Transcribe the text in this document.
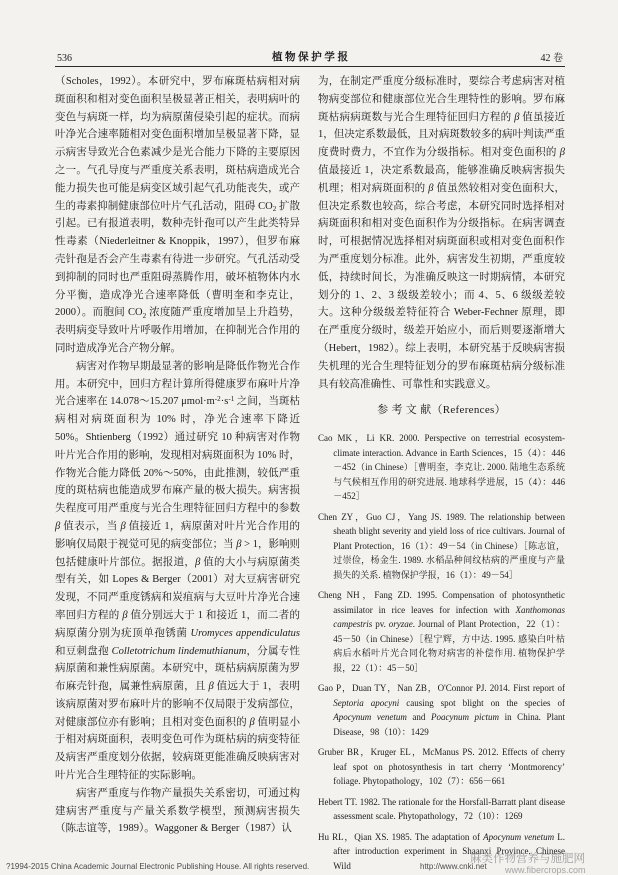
536	植 物 保 护 学 报	42 卷

（Scholes，1992）。本研究中，罗布麻斑枯病相对病斑面积和相对变色面积呈极显著正相关，表明病叶的变色与病斑一样，均为病原菌侵染引起的症状。而病叶净光合速率随相对变色面积增加呈极显著下降，显示病害导致光合色素减少是光合能力下降的主要原因之一。气孔导度与严重度关系表明，斑枯病造成光合能力损失也可能是病变区域引起气孔功能丧失，或产生的毒素抑制健康部位叶片气孔活动，阻碍 $CO_2$ 扩散引起。已有报道表明，数种壳针孢可以产生此类特异性毒素（Niederleitner & Knoppik，1997），但罗布麻壳针孢是否会产生毒素有待进一步研究。气孔活动受到抑制的同时也严重阻碍蒸腾作用，破坏植物体内水分平衡，造成净光合速率降低（曹明奎和李克让，2000）。而胞间 $CO_2$ 浓度随严重度增加呈上升趋势，表明病变导致叶片呼吸作用增加，在抑制光合作用的同时造成净光合产物分解。

病害对作物早期最显著的影响是降低作物光合作用。本研究中，回归方程计算所得健康罗布麻叶片净光合速率在 14.078～15.207 $\mu mol\cdot m^{-2}\cdot s^{-1}$ 之间，当斑枯病相对病斑面积为 10% 时，净光合速率下降近 50%。Shtienberg（1992）通过研究 10 种病害对作物叶片光合作用的影响，发现相对病斑面积为 10% 时，作物光合能力降低 20%～50%，由此推测，较低严重度的斑枯病也能造成罗布麻产量的极大损失。病害损失程度可用严重度与光合生理特征回归方程中的参数 β 值表示，当 β 值接近 1，病原菌对叶片光合作用的影响仅局限于视觉可见的病变部位；当 β > 1，影响则包括健康叶片部位。据报道，β 值的大小与病原菌类型有关，如 Lopes & Berger（2001）对大豆病害研究发现，不同严重度锈病和炭疽病与大豆叶片净光合速率回归方程的 β 值分别远大于 1 和接近 1，而二者的病原菌分别为疣顶单孢锈菌 Uromyces appendiculatus 和豆刺盘孢 Colletotrichum lindemuthianum，分属专性病原菌和兼性病原菌。本研究中，斑枯病病原菌为罗布麻壳针孢，属兼性病原菌，且 β 值远大于 1，表明该病原菌对罗布麻叶片的影响不仅局限于发病部位，对健康部位亦有影响；且相对变色面积的 β 值明显小于相对病斑面积，表明变色可作为斑枯病的病变特征及病害严重度划分依据，较病斑更能准确反映病害对叶片光合生理特征的实际影响。

病害严重度与作物产量损失关系密切，可通过构建病害严重度与产量关系数学模型，预测病害损失（陈志谊等，1989）。Waggoner & Berger（1987）认

为，在制定严重度分级标准时，要综合考虑病害对植物病变部位和健康部位光合生理特性的影响。罗布麻斑枯病病斑数与光合生理特征回归方程的 β 值虽接近 1，但决定系数最低，且对病斑数较多的病叶判读严重度费时费力，不宜作为分级指标。相对变色面积的 β 值最接近 1，决定系数最高，能够准确反映病害损失机理；相对病斑面积的 β 值虽然较相对变色面积大，但决定系数也较高，综合考虑，本研究同时选择相对病斑面积和相对变色面积作为分级指标。在病害调查时，可根据情况选择相对病斑面积或相对变色面积作为严重度划分标准。此外，病害发生初期，严重度较低，持续时间长，为准确反映这一时期病情，本研究划分的 1、2、3 级级差较小；而 4、5、6 级级差较大。这种分级级差特征符合 Weber-Fechner 原理，即在严重度分级时，级差开始应小，而后则要逐渐增大（Hebert，1982）。综上表明，本研究基于反映病害损失机理的光合生理特征划分的罗布麻斑枯病分级标准具有较高准确性、可靠性和实践意义。

参 考 文 献（References）

Cao MK，Li KR. 2000. Perspective on terrestrial ecosystem-climate interaction. Advance in Earth Sciences，15（4）：446－452（in Chinese）［曹明奎，李克让. 2000. 陆地生态系统与气候相互作用的研究进展. 地球科学进展，15（4）：446－452］

Chen ZY，Guo CJ，Yang JS. 1989. The relationship between sheath blight severity and yield loss of rice cultivars. Journal of Plant Protection，16（1）：49－54（in Chinese）［陈志谊，过崇俭，杨金生. 1989. 水稻品种间纹枯病的严重度与产量损失的关系. 植物保护学报，16（1）：49－54］

Cheng NH，Fang ZD. 1995. Compensation of photosynthetic assimilator in rice leaves for infection with Xanthomonas campestris pv. oryzae. Journal of Plant Protection，22（1）：45－50（in Chinese）［程宁辉，方中达. 1995. 感染白叶枯病后水稻叶片光合同化物对病害的补偿作用. 植物保护学报，22（1）：45－50］

Gao P，Duan TY，Nan ZB，O'Connor PJ. 2014. First report of Septoria apocyni causing spot blight on the species of Apocynum venetum and Poacynum pictum in China. Plant Disease，98（10）：1429

Gruber BR，Kruger EL，McManus PS. 2012. Effects of cherry leaf spot on photosynthesis in tart cherry ‘Montmorency’ foliage. Phytopathology，102（7）：656－661

Hebert TT. 1982. The rationale for the Horsfall-Barratt plant disease assessment scale. Phytopathology，72（10）：1269

Hu RL，Qian XS. 1985. The adaptation of Apocynum venetum L. after introduction experiment in Shaanxi Province. Chinese Wild

?1994-2015 China Academic Journal Electronic Publishing House. All rights reserved.	http://www.cnki.net
麻类作物营养与施肥网
www.fibercrops.com
